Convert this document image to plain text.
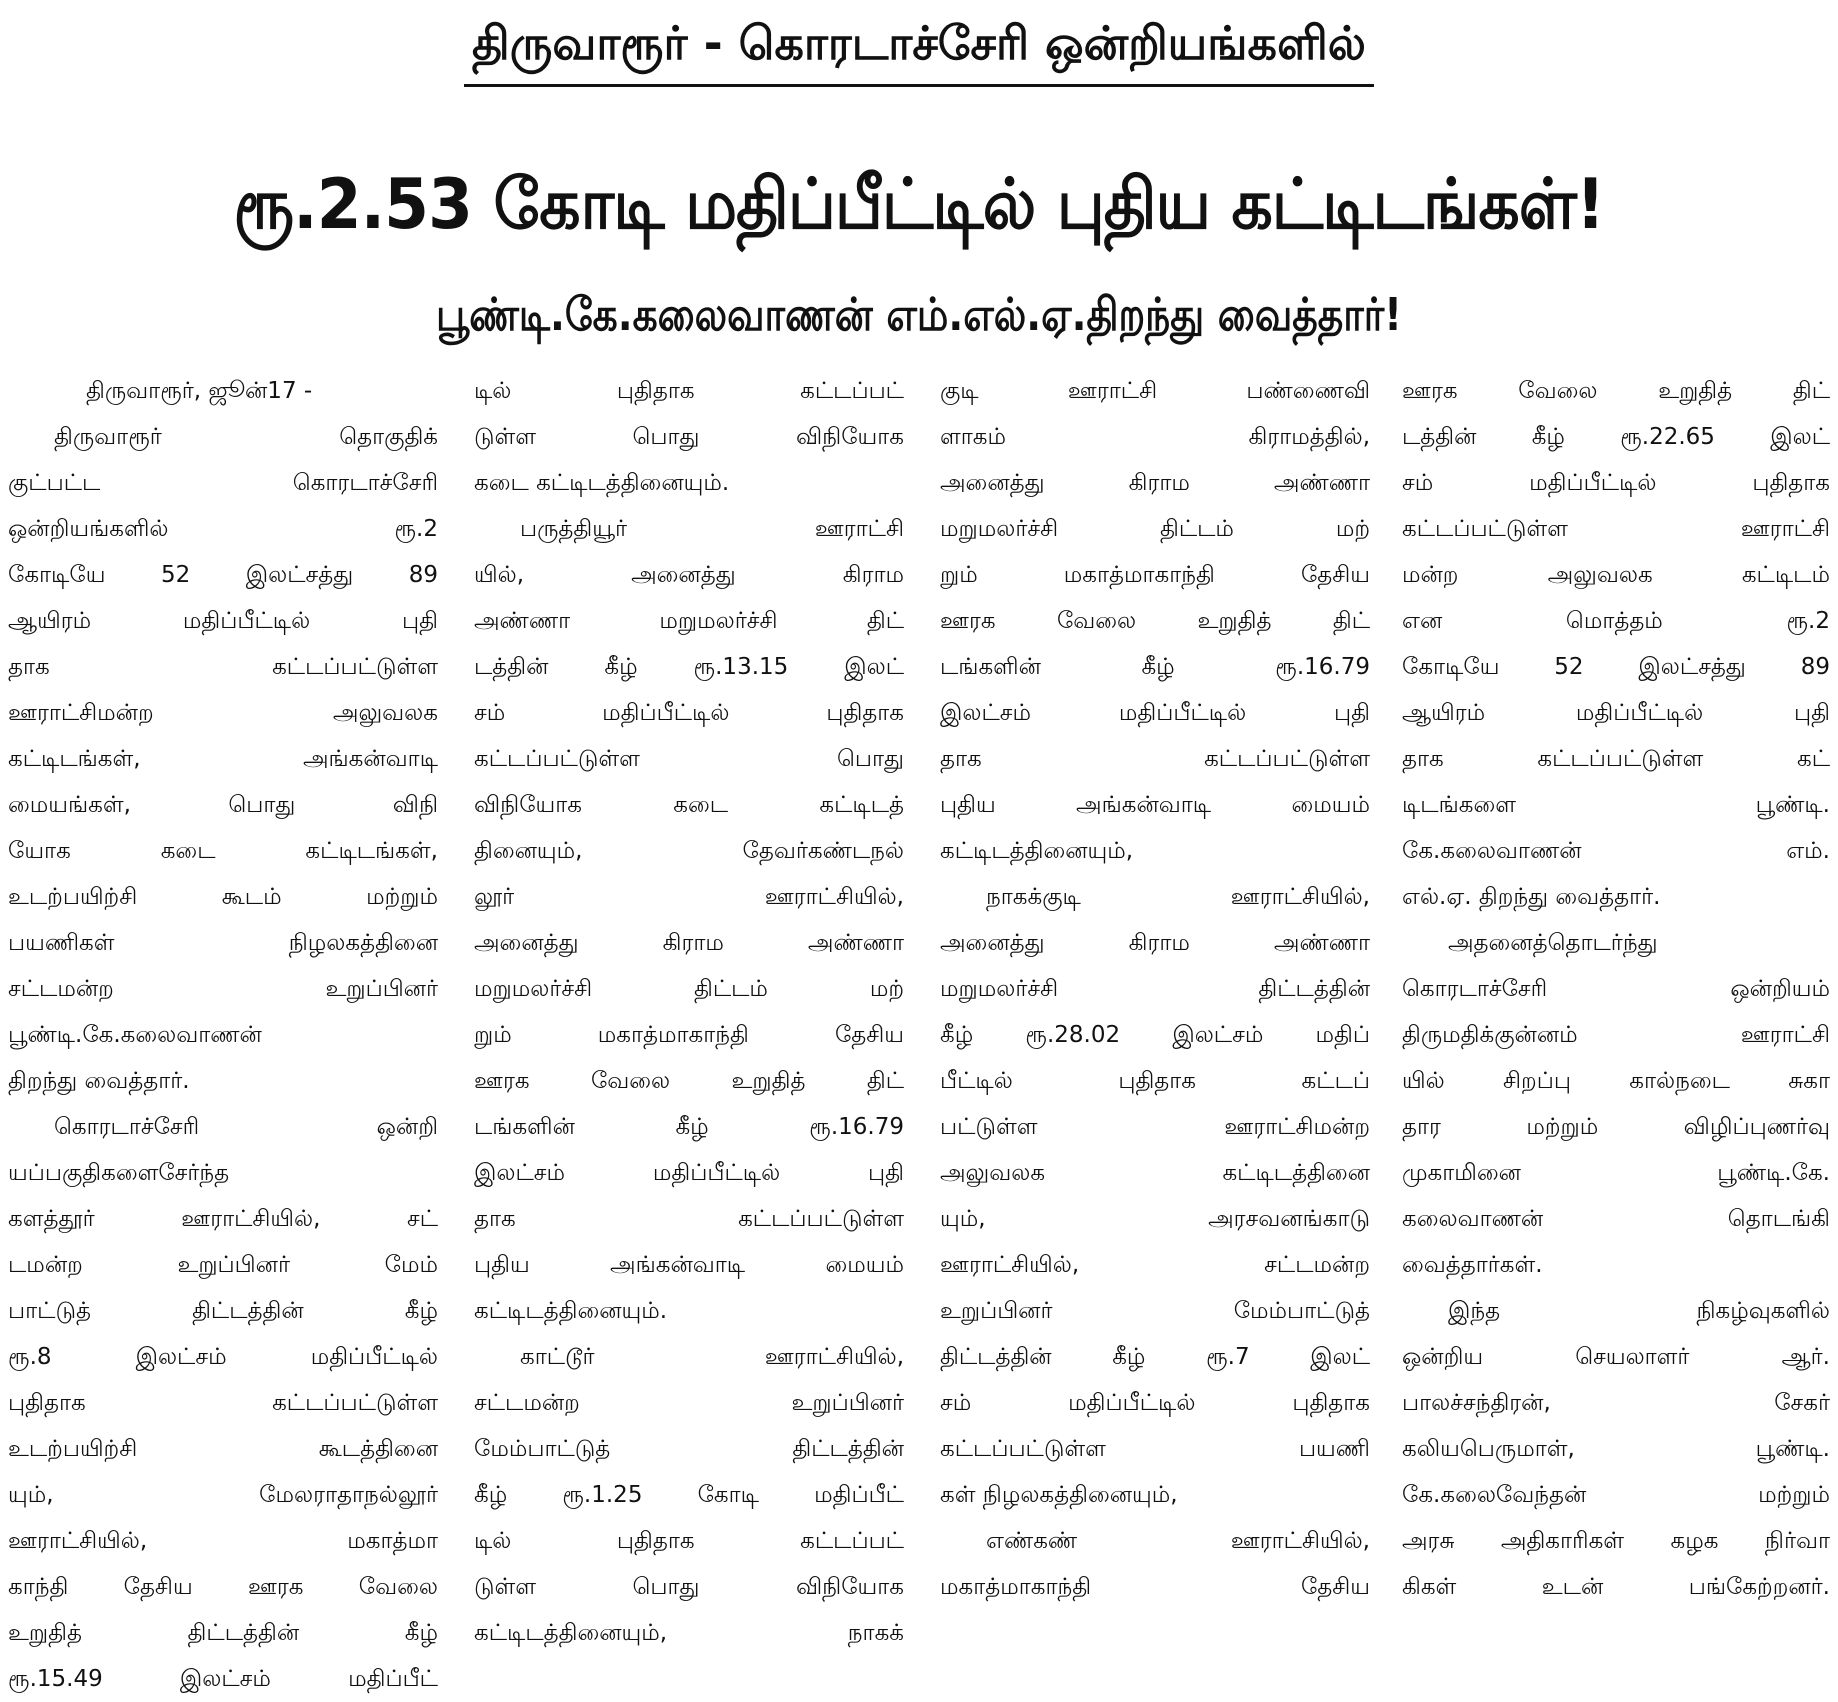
திருவாரூர் - கொரடாச்சேரி ஒன்றியங்களில்
ரூ.2.53 கோடி மதிப்பீட்டில் புதிய கட்டிடங்கள்!
பூண்டி.கே.கலைவாணன் எம்.எல்.ஏ.திறந்து வைத்தார்!
திருவாரூர், ஜூன்17 -
திருவாரூர் தொகுதிக்
குட்பட்ட கொரடாச்சேரி
ஒன்றியங்களில் ரூ.2
கோடியே 52 இலட்சத்து 89
ஆயிரம் மதிப்பீட்டில் புதி
தாக கட்டப்பட்டுள்ள
ஊராட்சிமன்ற அலுவலக
கட்டிடங்கள், அங்கன்வாடி
மையங்கள், பொது விநி
யோக கடை கட்டிடங்கள்,
உடற்பயிற்சி கூடம் மற்றும்
பயணிகள் நிழலகத்தினை
சட்டமன்ற உறுப்பினர்
பூண்டி.கே.கலைவாணன்
திறந்து வைத்தார்.
கொரடாச்சேரி ஒன்றி
யப்பகுதிகளைசேர்ந்த
களத்தூர் ஊராட்சியில், சட்
டமன்ற உறுப்பினர் மேம்
பாட்டுத் திட்டத்தின் கீழ்
ரூ.8 இலட்சம் மதிப்பீட்டில்
புதிதாக கட்டப்பட்டுள்ள
உடற்பயிற்சி கூடத்தினை
யும், மேலராதாநல்லூர்
ஊராட்சியில், மகாத்மா
காந்தி தேசிய ஊரக வேலை
உறுதித் திட்டத்தின் கீழ்
ரூ.15.49 இலட்சம் மதிப்பீட்
டில் புதிதாக கட்டப்பட்
டுள்ள பொது விநியோக
கடை கட்டிடத்தினையும்.
பருத்தியூர் ஊராட்சி
யில், அனைத்து கிராம
அண்ணா மறுமலர்ச்சி திட்
டத்தின் கீழ் ரூ.13.15 இலட்
சம் மதிப்பீட்டில் புதிதாக
கட்டப்பட்டுள்ள பொது
விநியோக கடை கட்டிடத்
தினையும், தேவர்கண்டநல்
லூர் ஊராட்சியில்,
அனைத்து கிராம அண்ணா
மறுமலர்ச்சி திட்டம் மற்
றும் மகாத்மாகாந்தி தேசிய
ஊரக வேலை உறுதித் திட்
டங்களின் கீழ் ரூ.16.79
இலட்சம் மதிப்பீட்டில் புதி
தாக கட்டப்பட்டுள்ள
புதிய அங்கன்வாடி மையம்
கட்டிடத்தினையும்.
காட்டூர் ஊராட்சியில்,
சட்டமன்ற உறுப்பினர்
மேம்பாட்டுத் திட்டத்தின்
கீழ் ரூ.1.25 கோடி மதிப்பீட்
டில் புதிதாக கட்டப்பட்
டுள்ள பொது விநியோக
கட்டிடத்தினையும், நாகக்
குடி ஊராட்சி பண்ணைவி
ளாகம் கிராமத்தில்,
அனைத்து கிராம அண்ணா
மறுமலர்ச்சி திட்டம் மற்
றும் மகாத்மாகாந்தி தேசிய
ஊரக வேலை உறுதித் திட்
டங்களின் கீழ் ரூ.16.79
இலட்சம் மதிப்பீட்டில் புதி
தாக கட்டப்பட்டுள்ள
புதிய அங்கன்வாடி மையம்
கட்டிடத்தினையும்,
நாகக்குடி ஊராட்சியில்,
அனைத்து கிராம அண்ணா
மறுமலர்ச்சி திட்டத்தின்
கீழ் ரூ.28.02 இலட்சம் மதிப்
பீட்டில் புதிதாக கட்டப்
பட்டுள்ள ஊராட்சிமன்ற
அலுவலக கட்டிடத்தினை
யும், அரசவனங்காடு
ஊராட்சியில், சட்டமன்ற
உறுப்பினர் மேம்பாட்டுத்
திட்டத்தின் கீழ் ரூ.7 இலட்
சம் மதிப்பீட்டில் புதிதாக
கட்டப்பட்டுள்ள பயணி
கள் நிழலகத்தினையும்,
எண்கண் ஊராட்சியில்,
மகாத்மாகாந்தி தேசிய
ஊரக வேலை உறுதித் திட்
டத்தின் கீழ் ரூ.22.65 இலட்
சம் மதிப்பீட்டில் புதிதாக
கட்டப்பட்டுள்ள ஊராட்சி
மன்ற அலுவலக கட்டிடம்
என மொத்தம் ரூ.2
கோடியே 52 இலட்சத்து 89
ஆயிரம் மதிப்பீட்டில் புதி
தாக கட்டப்பட்டுள்ள கட்
டிடங்களை பூண்டி.
கே.கலைவாணன் எம்.
எல்.ஏ. திறந்து வைத்தார்.
அதனைத்தொடர்ந்து
கொரடாச்சேரி ஒன்றியம்
திருமதிக்குன்னம் ஊராட்சி
யில் சிறப்பு கால்நடை சுகா
தார மற்றும் விழிப்புணர்வு
முகாமினை பூண்டி.கே.
கலைவாணன் தொடங்கி
வைத்தார்கள்.
இந்த நிகழ்வுகளில்
ஒன்றிய செயலாளர் ஆர்.
பாலச்சந்திரன், சேகர்
கலியபெருமாள், பூண்டி.
கே.கலைவேந்தன் மற்றும்
அரசு அதிகாரிகள் கழக நிர்வா
கிகள் உடன் பங்கேற்றனர்.
